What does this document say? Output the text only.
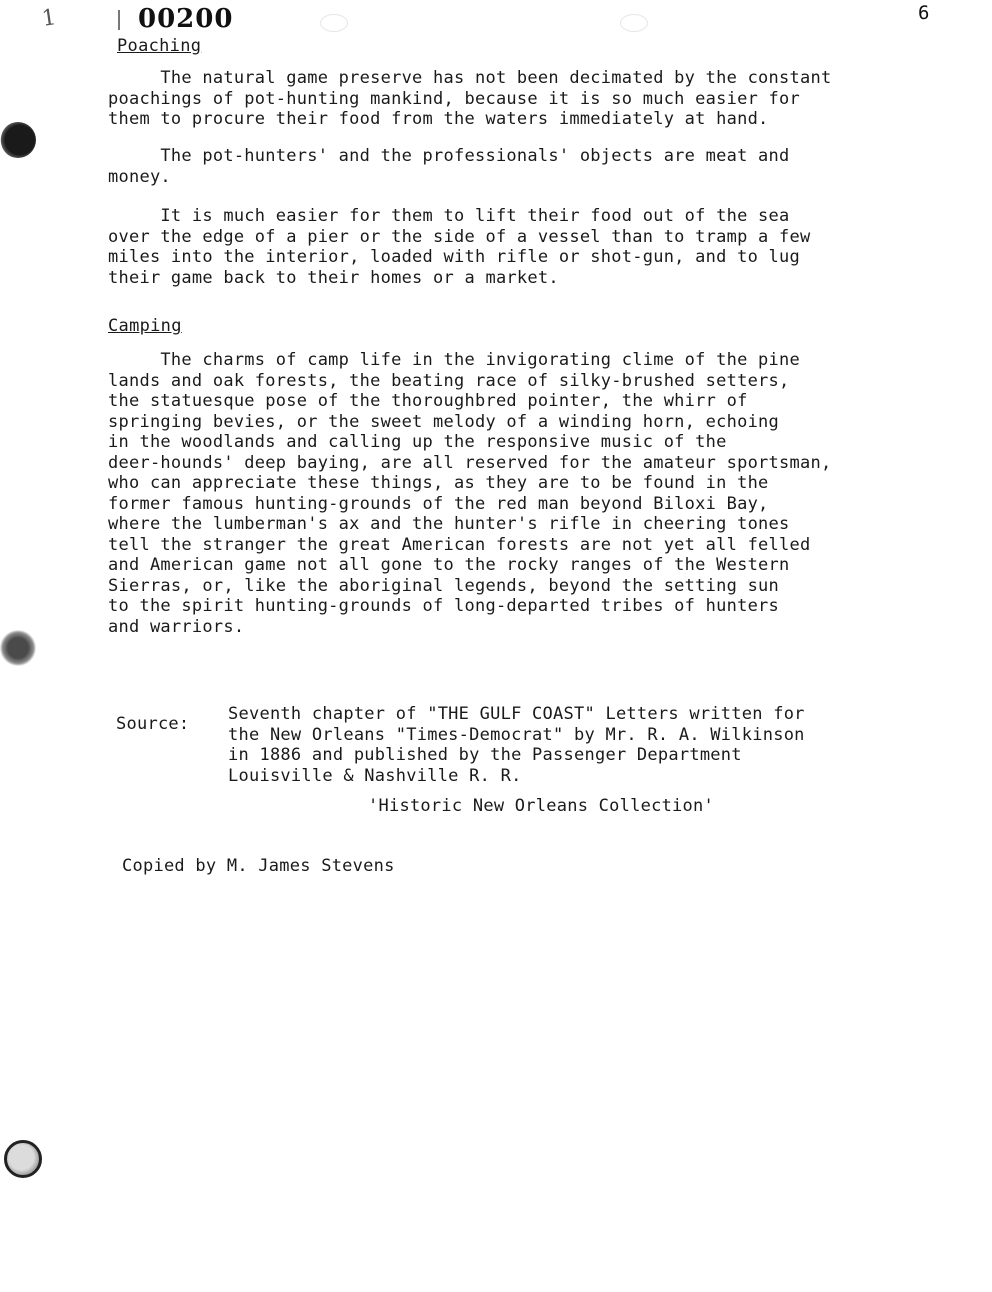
1	00200	6
Poaching
The natural game preserve has not been decimated by the constant
poachings of pot-hunting mankind, because it is so much easier for
them to procure their food from the waters immediately at hand.
The pot-hunters' and the professionals' objects are meat and
money.
It is much easier for them to lift their food out of the sea
over the edge of a pier or the side of a vessel than to tramp a few
miles into the interior, loaded with rifle or shot-gun, and to lug
their game back to their homes or a market.
Camping
The charms of camp life in the invigorating clime of the pine
lands and oak forests, the beating race of silky-brushed setters,
the statuesque pose of the thoroughbred pointer, the whirr of
springing bevies, or the sweet melody of a winding horn, echoing
in the woodlands and calling up the responsive music of the
deer-hounds' deep baying, are all reserved for the amateur sportsman,
who can appreciate these things, as they are to be found in the
former famous hunting-grounds of the red man beyond Biloxi Bay,
where the lumberman's ax and the hunter's rifle in cheering tones
tell the stranger the great American forests are not yet all felled
and American game not all gone to the rocky ranges of the Western
Sierras, or, like the aboriginal legends, beyond the setting sun
to the spirit hunting-grounds of long-departed tribes of hunters
and warriors.
Source: Seventh chapter of "THE GULF COAST" Letters written for
the New Orleans "Times-Democrat" by Mr. R. A. Wilkinson
in 1886 and published by the Passenger Department
Louisville & Nashville R. R.
'Historic New Orleans Collection'
Copied by M. James Stevens
